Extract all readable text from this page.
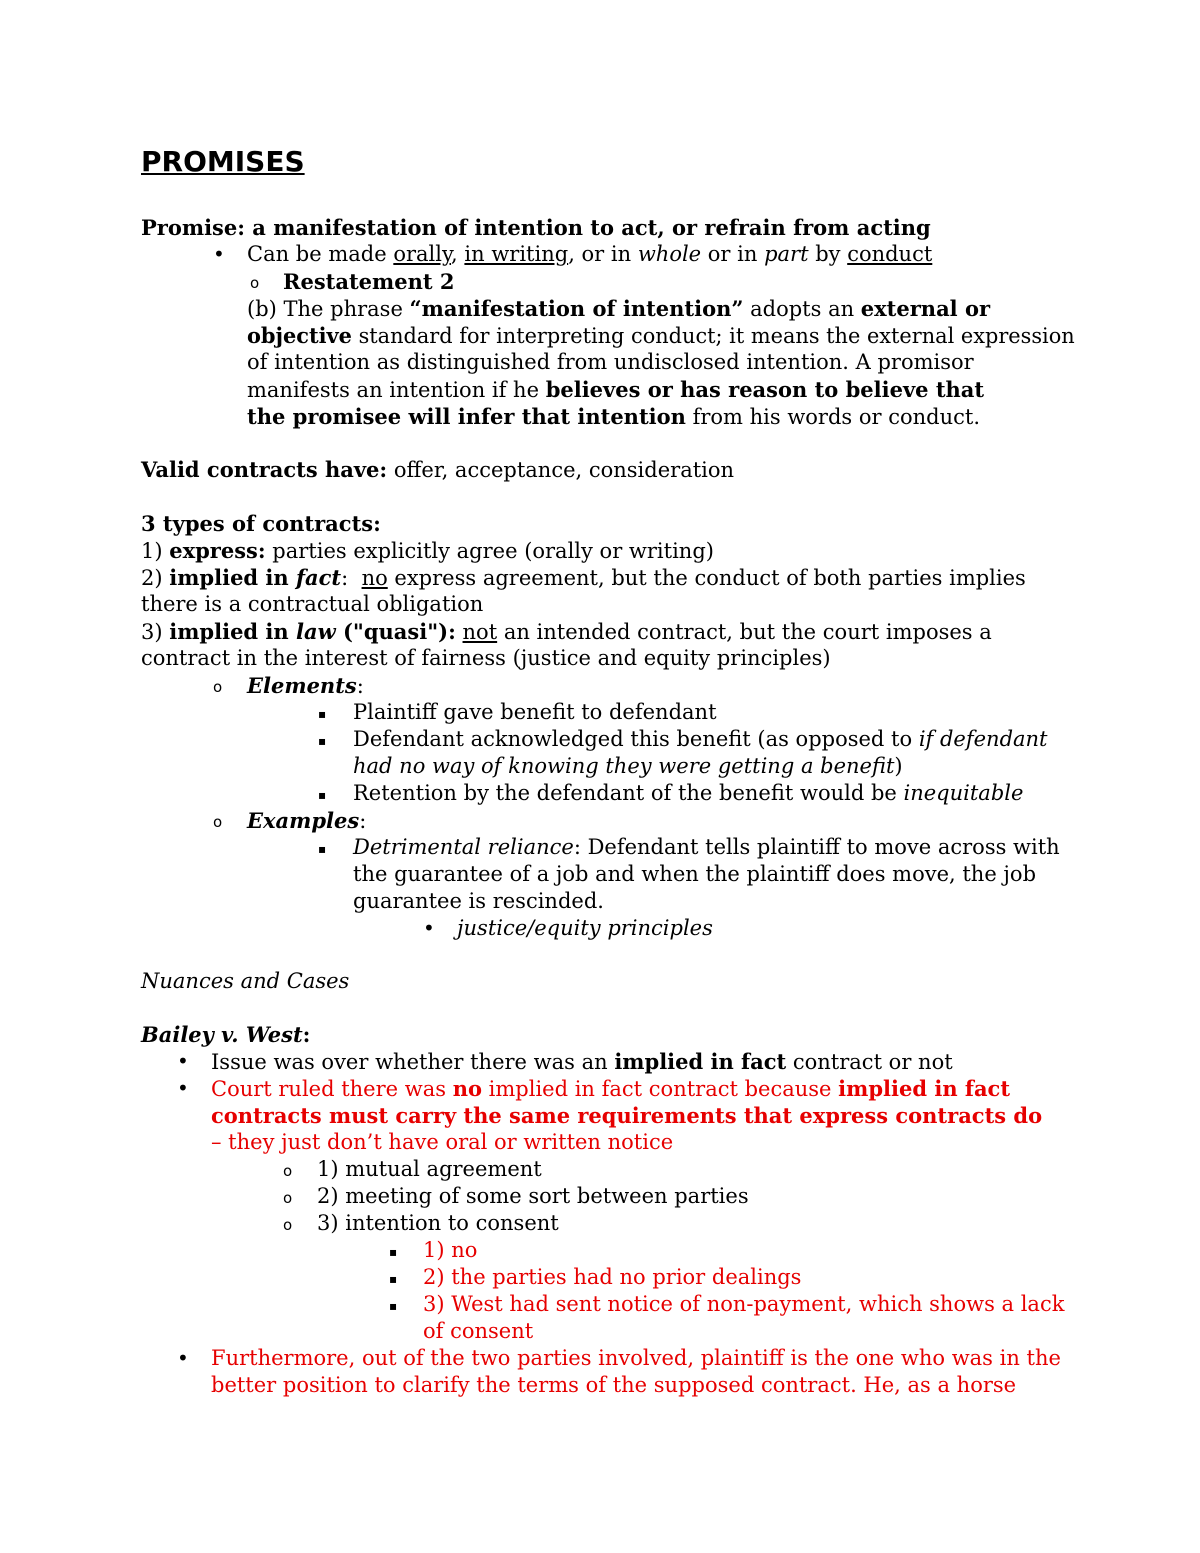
PROMISES
Promise: a manifestation of intention to act, or refrain from acting
• Can be made orally, in writing, or in whole or in part by conduct
o Restatement 2
(b) The phrase “manifestation of intention” adopts an external or
objective standard for interpreting conduct; it means the external expression
of intention as distinguished from undisclosed intention. A promisor
manifests an intention if he believes or has reason to believe that
the promisee will infer that intention from his words or conduct.
Valid contracts have: offer, acceptance, consideration
3 types of contracts:
1) express: parties explicitly agree (orally or writing)
2) implied in fact: no express agreement, but the conduct of both parties implies
there is a contractual obligation
3) implied in law ("quasi"): not an intended contract, but the court imposes a
contract in the interest of fairness (justice and equity principles)
o Elements:
▪ Plaintiff gave benefit to defendant
▪ Defendant acknowledged this benefit (as opposed to if defendant
had no way of knowing they were getting a benefit)
▪ Retention by the defendant of the benefit would be inequitable
o Examples:
▪ Detrimental reliance: Defendant tells plaintiff to move across with
the guarantee of a job and when the plaintiff does move, the job
guarantee is rescinded.
• justice/equity principles
Nuances and Cases
Bailey v. West:
• Issue was over whether there was an implied in fact contract or not
• Court ruled there was no implied in fact contract because implied in fact
contracts must carry the same requirements that express contracts do
– they just don’t have oral or written notice
o 1) mutual agreement
o 2) meeting of some sort between parties
o 3) intention to consent
▪ 1) no
▪ 2) the parties had no prior dealings
▪ 3) West had sent notice of non-payment, which shows a lack
of consent
• Furthermore, out of the two parties involved, plaintiff is the one who was in the
better position to clarify the terms of the supposed contract. He, as a horse
